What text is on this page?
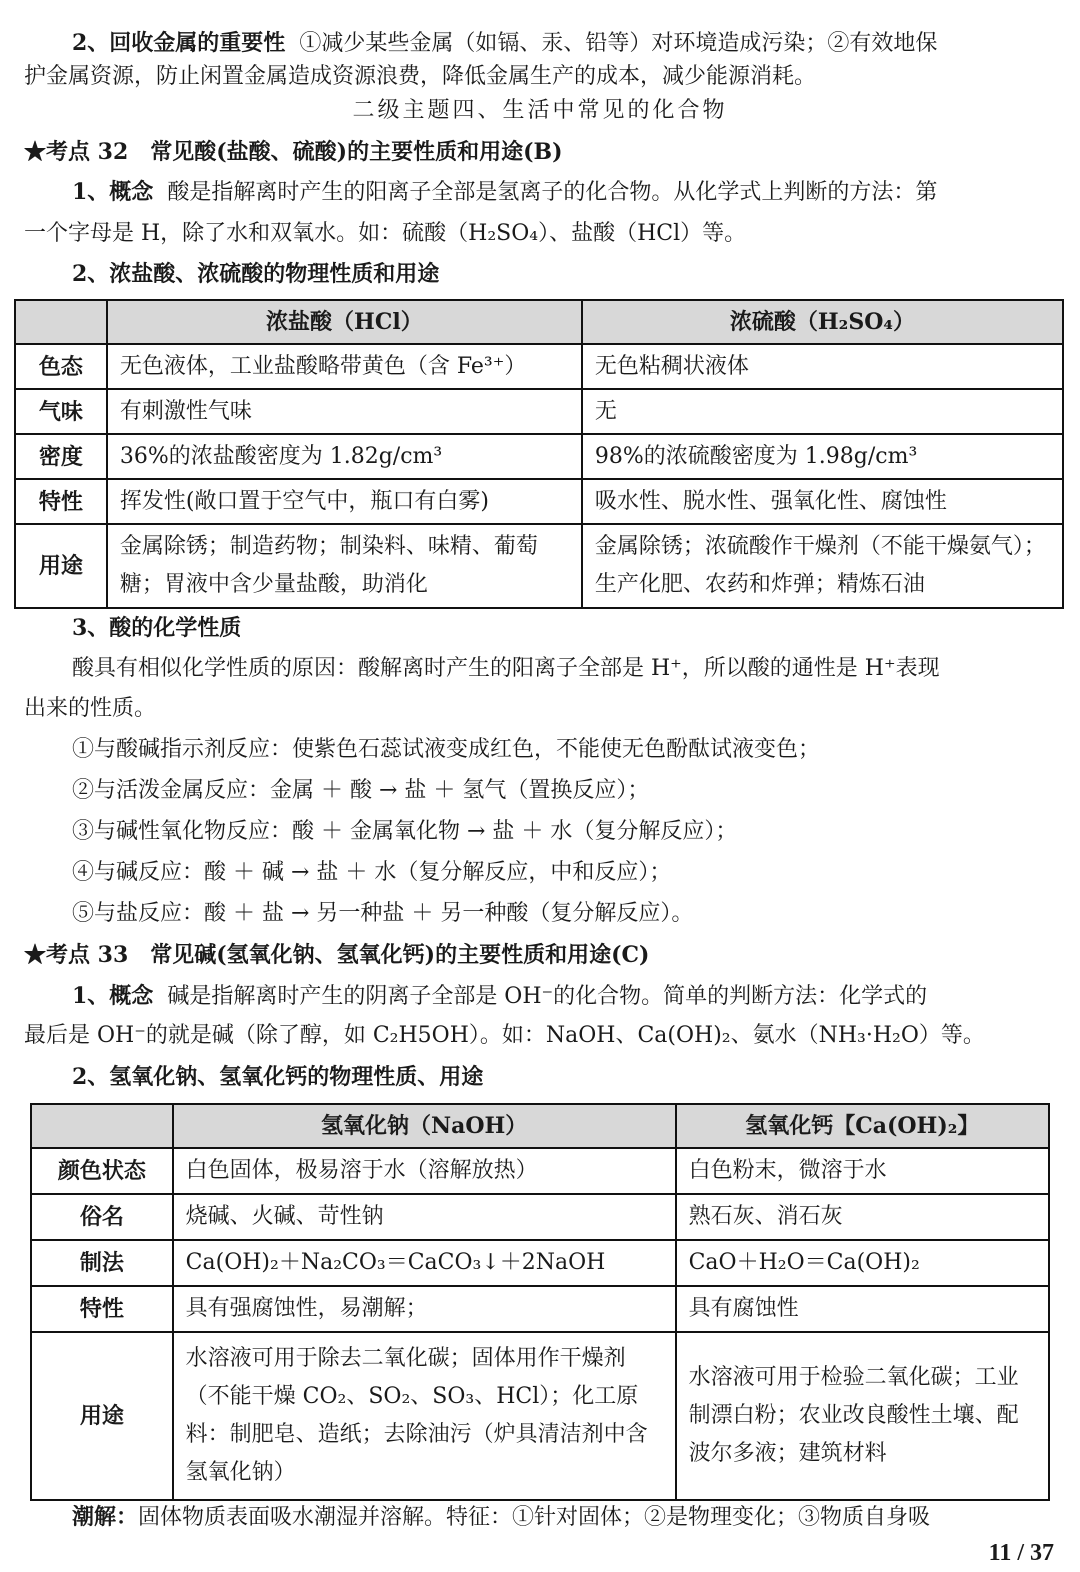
2、回收金属的重要性 ①减少某些金属（如镉、汞、铅等）对环境造成污染；②有效地保
护金属资源，防止闲置金属造成资源浪费，降低金属生产的成本，减少能源消耗。
二级主题四、生活中常见的化合物
★考点 32　常见酸(盐酸、硫酸)的主要性质和用途(B)
1、概念 酸是指解离时产生的阳离子全部是氢离子的化合物。从化学式上判断的方法：第
一个字母是 H，除了水和双氧水。如：硫酸（H₂SO₄）、盐酸（HCl）等。
2、浓盐酸、浓硫酸的物理性质和用途
	浓盐酸（HCl）	浓硫酸（H₂SO₄）
色态	无色液体，工业盐酸略带黄色（含 Fe³⁺）	无色粘稠状液体
气味	有刺激性气味	无
密度	36%的浓盐酸密度为 1.82g/cm³	98%的浓硫酸密度为 1.98g/cm³
特性	挥发性(敞口置于空气中，瓶口有白雾)	吸水性、脱水性、强氧化性、腐蚀性
用途	金属除锈；制造药物；制染料、味精、葡萄糖；胃液中含少量盐酸，助消化	金属除锈；浓硫酸作干燥剂（不能干燥氨气）；生产化肥、农药和炸弹；精炼石油
3、酸的化学性质
酸具有相似化学性质的原因：酸解离时产生的阳离子全部是 H⁺，所以酸的通性是 H⁺表现
出来的性质。
①与酸碱指示剂反应：使紫色石蕊试液变成红色，不能使无色酚酞试液变色；
②与活泼金属反应：金属 ＋ 酸 → 盐 ＋ 氢气（置换反应）；
③与碱性氧化物反应：酸 ＋ 金属氧化物 → 盐 ＋ 水（复分解反应）；
④与碱反应：酸 ＋ 碱 → 盐 ＋ 水（复分解反应，中和反应）；
⑤与盐反应：酸 ＋ 盐 → 另一种盐 ＋ 另一种酸（复分解反应）。
★考点 33　常见碱(氢氧化钠、氢氧化钙)的主要性质和用途(C)
1、概念 碱是指解离时产生的阴离子全部是 OH⁻的化合物。简单的判断方法：化学式的
最后是 OH⁻的就是碱（除了醇，如 C₂H5OH）。如：NaOH、Ca(OH)₂、氨水（NH₃·H₂O）等。
2、氢氧化钠、氢氧化钙的物理性质、用途
	氢氧化钠（NaOH）	氢氧化钙【Ca(OH)₂】
颜色状态	白色固体，极易溶于水（溶解放热）	白色粉末，微溶于水
俗名	烧碱、火碱、苛性钠	熟石灰、消石灰
制法	Ca(OH)₂＋Na₂CO₃＝CaCO₃↓＋2NaOH	CaO＋H₂O＝Ca(OH)₂
特性	具有强腐蚀性，易潮解；	具有腐蚀性
用途	水溶液可用于除去二氧化碳；固体用作干燥剂（不能干燥 CO₂、SO₂、SO₃、HCl）；化工原料：制肥皂、造纸；去除油污（炉具清洁剂中含氢氧化钠）	水溶液可用于检验二氧化碳；工业制漂白粉；农业改良酸性土壤、配波尔多液；建筑材料
潮解：固体物质表面吸水潮湿并溶解。特征：①针对固体；②是物理变化；③物质自身吸
11 / 37
